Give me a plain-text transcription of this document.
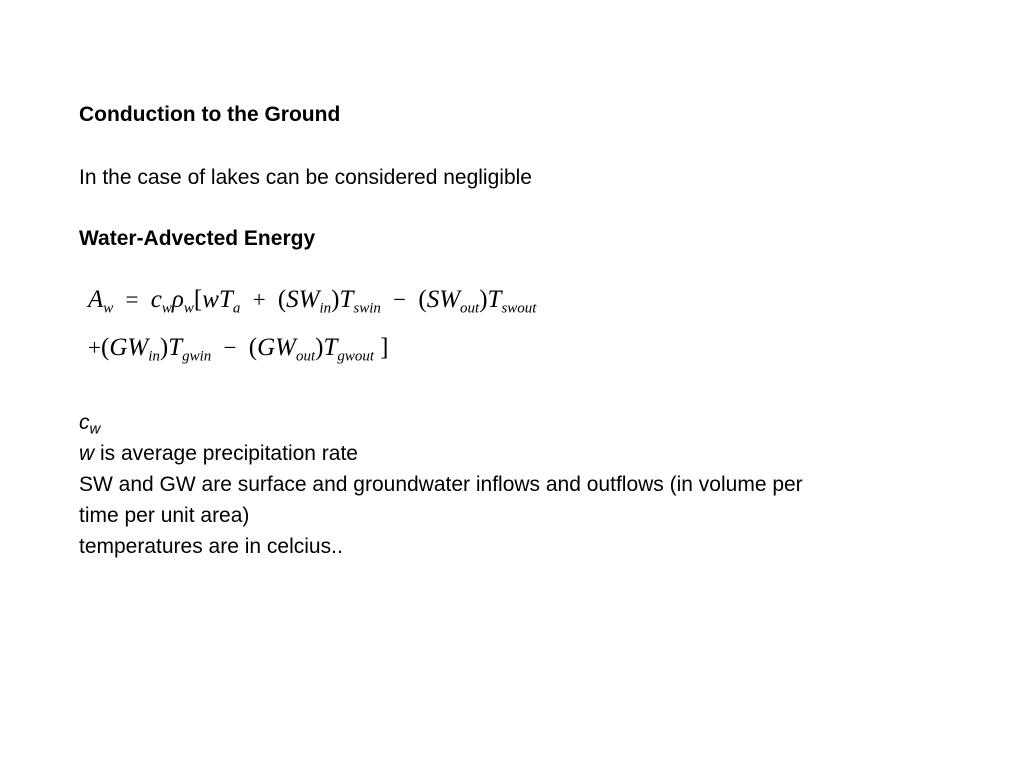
Conduction to the Ground
In the case of lakes can be considered negligible
Water-Advected Energy
$A_w = c_w\rho_w[wT_a + (SW_{in})T_{swin} - (SW_{out})T_{swout}$
$+(GW_{in})T_{gwin} - (GW_{out})T_{gwout}$ ]
$c_w$
w is average precipitation rate
SW and GW are surface and groundwater inflows and outflows (in volume per
time per unit area)
temperatures are in celcius..
